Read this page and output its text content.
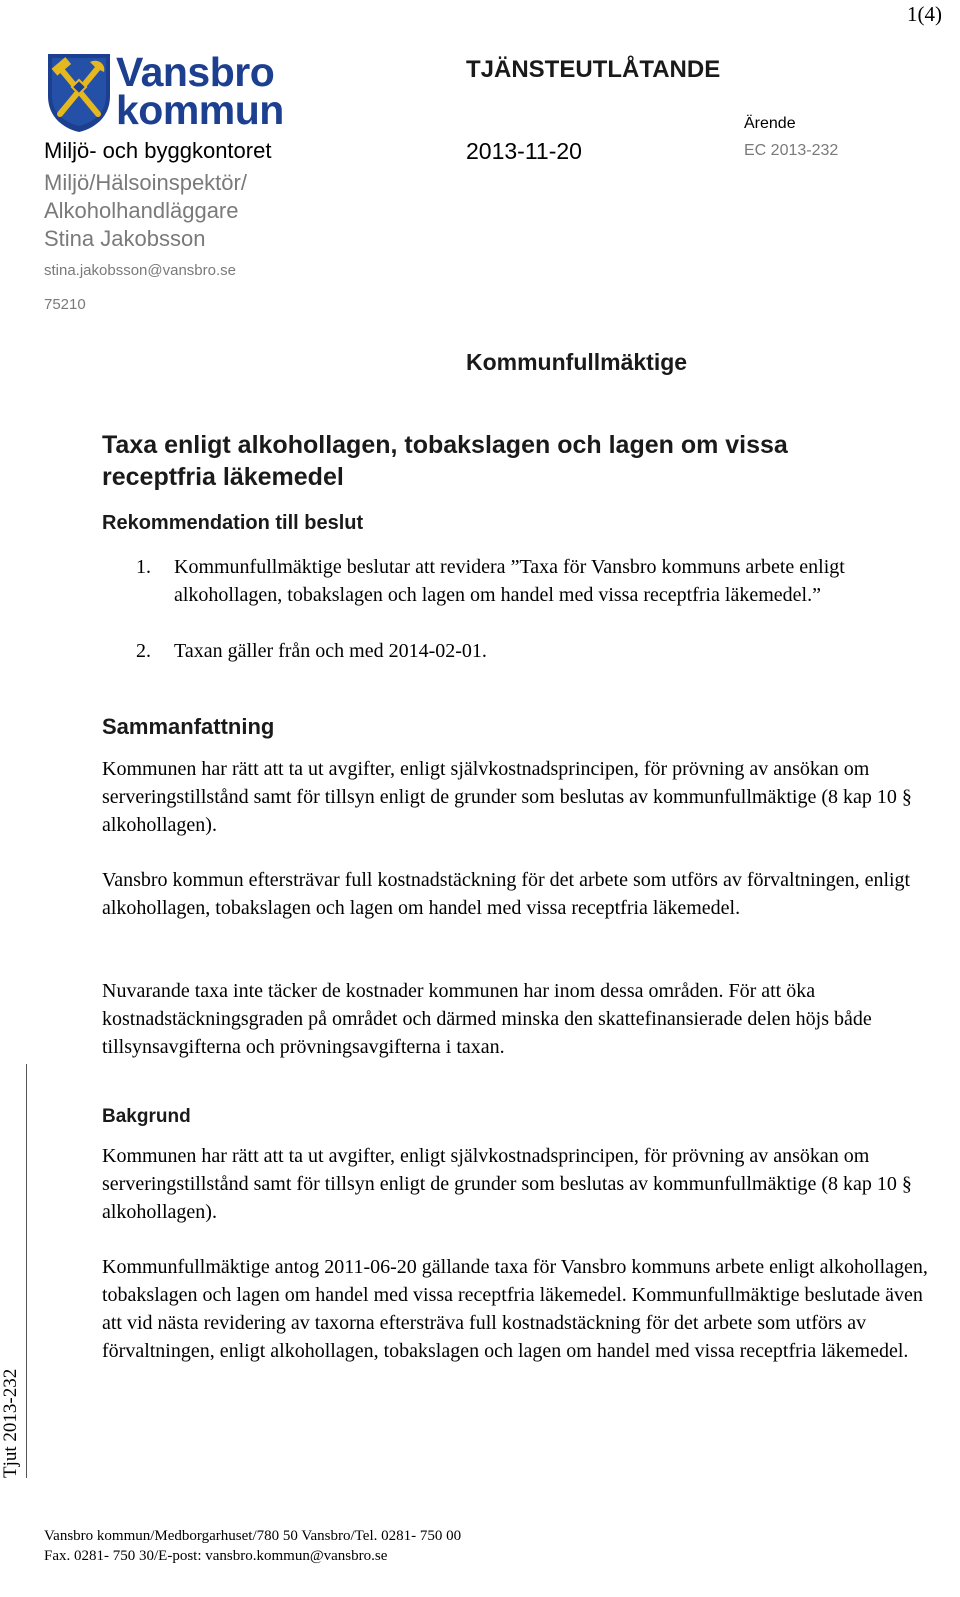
1(4)
Vansbro
kommun
TJÄNSTEUTLÅTANDE
Ärende
EC 2013-232
2013-11-20
Miljö- och byggkontoret
Miljö/Hälsoinspektör/
Alkoholhandläggare
Stina Jakobsson
stina.jakobsson@vansbro.se
75210
Kommunfullmäktige
Taxa enligt alkohollagen, tobakslagen och lagen om vissa receptfria läkemedel
Rekommendation till beslut
1.	Kommunfullmäktige beslutar att revidera ”Taxa för Vansbro kommuns arbete enligt alkohollagen, tobakslagen och lagen om handel med vissa receptfria läkemedel.”
2.	Taxan gäller från och med 2014-02-01.
Sammanfattning
Kommunen har rätt att ta ut avgifter, enligt självkostnadsprincipen, för prövning av ansökan om serveringstillstånd samt för tillsyn enligt de grunder som beslutas av kommunfullmäktige (8 kap 10 § alkohollagen).
Vansbro kommun eftersträvar full kostnadstäckning för det arbete som utförs av förvaltningen, enligt alkohollagen, tobakslagen och lagen om handel med vissa receptfria läkemedel.
Nuvarande taxa inte täcker de kostnader kommunen har inom dessa områden. För att öka kostnadstäckningsgraden på området och därmed minska den skattefinansierade delen höjs både tillsynsavgifterna och prövningsavgifterna i taxan.
Bakgrund
Kommunen har rätt att ta ut avgifter, enligt självkostnadsprincipen, för prövning av ansökan om serveringstillstånd samt för tillsyn enligt de grunder som beslutas av kommunfullmäktige (8 kap 10 § alkohollagen).
Kommunfullmäktige antog 2011-06-20 gällande taxa för Vansbro kommuns arbete enligt alkohollagen, tobakslagen och lagen om handel med vissa receptfria läkemedel. Kommunfullmäktige beslutade även att vid nästa revidering av taxorna eftersträva full kostnadstäckning för det arbete som utförs av förvaltningen, enligt alkohollagen, tobakslagen och lagen om handel med vissa receptfria läkemedel.
Tjut 2013-232
Vansbro kommun/Medborgarhuset/780 50 Vansbro/Tel. 0281- 750 00
Fax. 0281- 750 30/E-post: vansbro.kommun@vansbro.se
